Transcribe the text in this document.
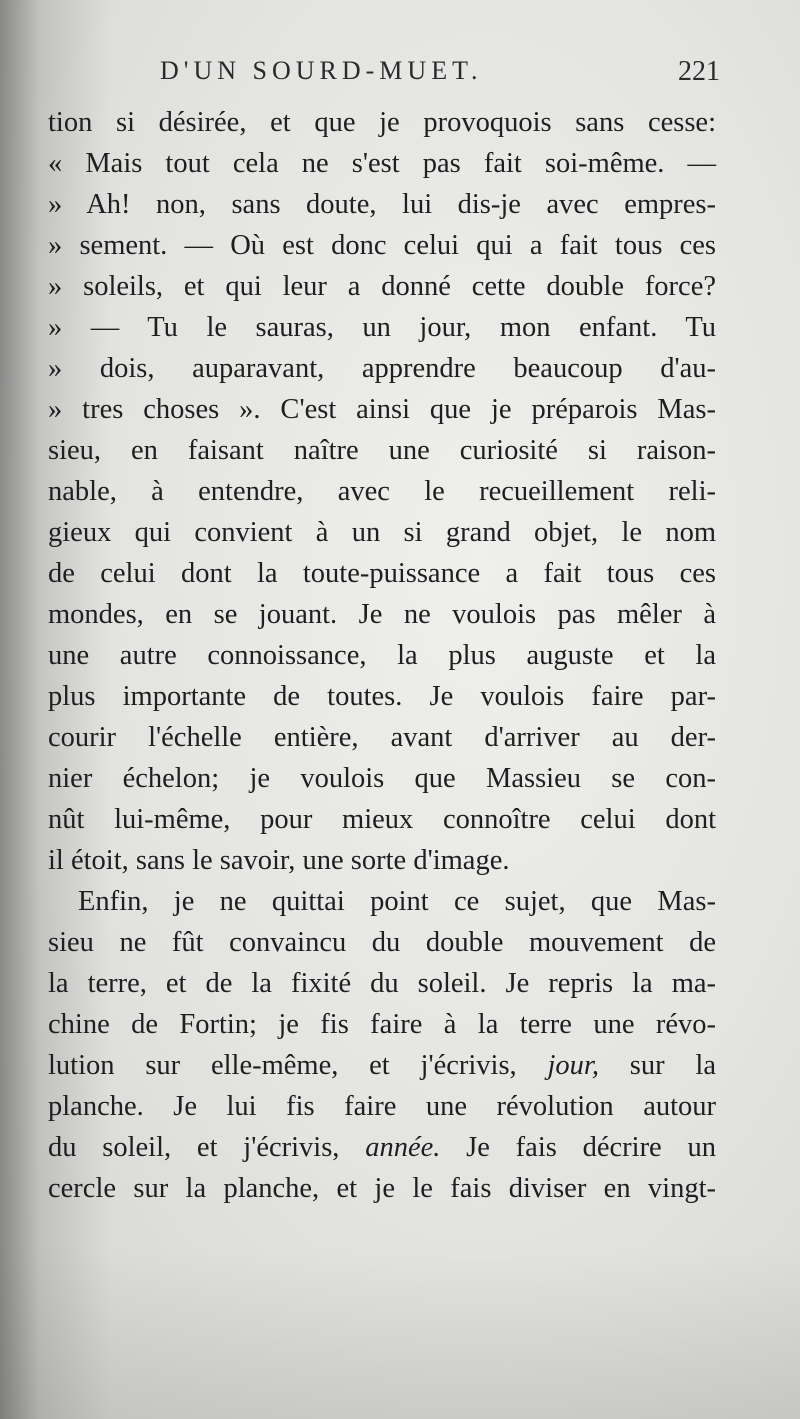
D'UN SOURD-MUET.	221
tion si désirée, et que je provoquois sans cesse:
« Mais tout cela ne s'est pas fait soi-même. —
» Ah! non, sans doute, lui dis-je avec empres-
» sement. — Où est donc celui qui a fait tous ces
» soleils, et qui leur a donné cette double force?
» — Tu le sauras, un jour, mon enfant. Tu
» dois, auparavant, apprendre beaucoup d'au-
» tres choses ». C'est ainsi que je préparois Mas-
sieu, en faisant naître une curiosité si raison-
nable, à entendre, avec le recueillement reli-
gieux qui convient à un si grand objet, le nom
de celui dont la toute-puissance a fait tous ces
mondes, en se jouant. Je ne voulois pas mêler à
une autre connoissance, la plus auguste et la
plus importante de toutes. Je voulois faire par-
courir l'échelle entière, avant d'arriver au der-
nier échelon; je voulois que Massieu se con-
nût lui-même, pour mieux connoître celui dont
il étoit, sans le savoir, une sorte d'image.
Enfin, je ne quittai point ce sujet, que Mas-
sieu ne fût convaincu du double mouvement de
la terre, et de la fixité du soleil. Je repris la ma-
chine de Fortin; je fis faire à la terre une révo-
lution sur elle-même, et j'écrivis, jour, sur la
planche. Je lui fis faire une révolution autour
du soleil, et j'écrivis, année. Je fais décrire un
cercle sur la planche, et je le fais diviser en vingt-
